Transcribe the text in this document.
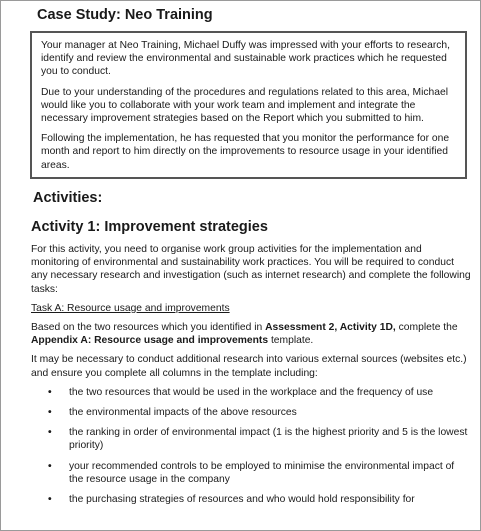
Case Study: Neo Training

Your manager at Neo Training, Michael Duffy was impressed with your efforts to research, identify and review the environmental and sustainable work practices which he requested you to conduct.

Due to your understanding of the procedures and regulations related to this area, Michael would like you to collaborate with your work team and implement and integrate the necessary improvement strategies based on the Report which you submitted to him.

Following the implementation, he has requested that you monitor the performance for one month and report to him directly on the improvements to resource usage in your identified areas.

Activities:
Activity 1: Improvement strategies

For this activity, you need to organise work group activities for the implementation and monitoring of environmental and sustainability work practices. You will be required to conduct any necessary research and investigation (such as internet research) and complete the following tasks:

Task A: Resource usage and improvements

Based on the two resources which you identified in Assessment 2, Activity 1D, complete the Appendix A: Resource usage and improvements template.

It may be necessary to conduct additional research into various external sources (websites etc.) and ensure you complete all columns in the template including:

• the two resources that would be used in the workplace and the frequency of use
• the environmental impacts of the above resources
• the ranking in order of environmental impact (1 is the highest priority and 5 is the lowest priority)
• your recommended controls to be employed to minimise the environmental impact of the resource usage in the company
• the purchasing strategies of resources and who would hold responsibility for
